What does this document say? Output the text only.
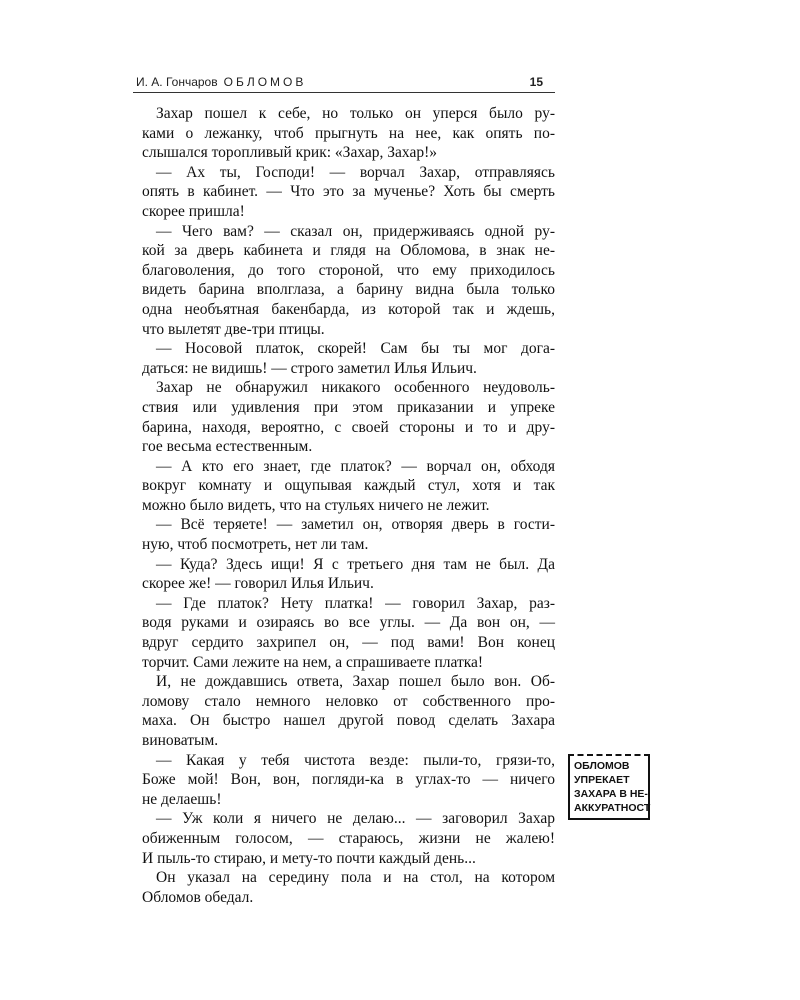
И. А. Гончаров ОБЛОМОВ	15
Захар пошел к себе, но только он уперся было ру-
ками о лежанку, чтоб прыгнуть на нее, как опять по-
слышался торопливый крик: «Захар, Захар!»
— Ах ты, Господи! — ворчал Захар, отправляясь
опять в кабинет. — Что это за мученье? Хоть бы смерть
скорее пришла!
— Чего вам? — сказал он, придерживаясь одной ру-
кой за дверь кабинета и глядя на Обломова, в знак не-
благоволения, до того стороной, что ему приходилось
видеть барина вполглаза, а барину видна была только
одна необъятная бакенбарда, из которой так и ждешь,
что вылетят две-три птицы.
— Носовой платок, скорей! Сам бы ты мог дога-
даться: не видишь! — строго заметил Илья Ильич.
Захар не обнаружил никакого особенного неудоволь-
ствия или удивления при этом приказании и упреке
барина, находя, вероятно, с своей стороны и то и дру-
гое весьма естественным.
— А кто его знает, где платок? — ворчал он, обходя
вокруг комнату и ощупывая каждый стул, хотя и так
можно было видеть, что на стульях ничего не лежит.
— Всё теряете! — заметил он, отворяя дверь в гости-
ную, чтоб посмотреть, нет ли там.
— Куда? Здесь ищи! Я с третьего дня там не был. Да
скорее же! — говорил Илья Ильич.
— Где платок? Нету платка! — говорил Захар, раз-
водя руками и озираясь во все углы. — Да вон он, —
вдруг сердито захрипел он, — под вами! Вон конец
торчит. Сами лежите на нем, а спрашиваете платка!
И, не дождавшись ответа, Захар пошел было вон. Об-
ломову стало немного неловко от собственного про-
маха. Он быстро нашел другой повод сделать Захара
виноватым.
— Какая у тебя чистота везде: пыли-то, грязи-то,
Боже мой! Вон, вон, погляди-ка в углах-то — ничего
не делаешь!
— Уж коли я ничего не делаю... — заговорил Захар
обиженным голосом, — стараюсь, жизни не жалею!
И пыль-то стираю, и мету-то почти каждый день...
Он указал на середину пола и на стол, на котором
Обломов обедал.
ОБЛОМОВ
УПРЕКАЕТ
ЗАХАРА В НЕ-
АККУРАТНОСТ
